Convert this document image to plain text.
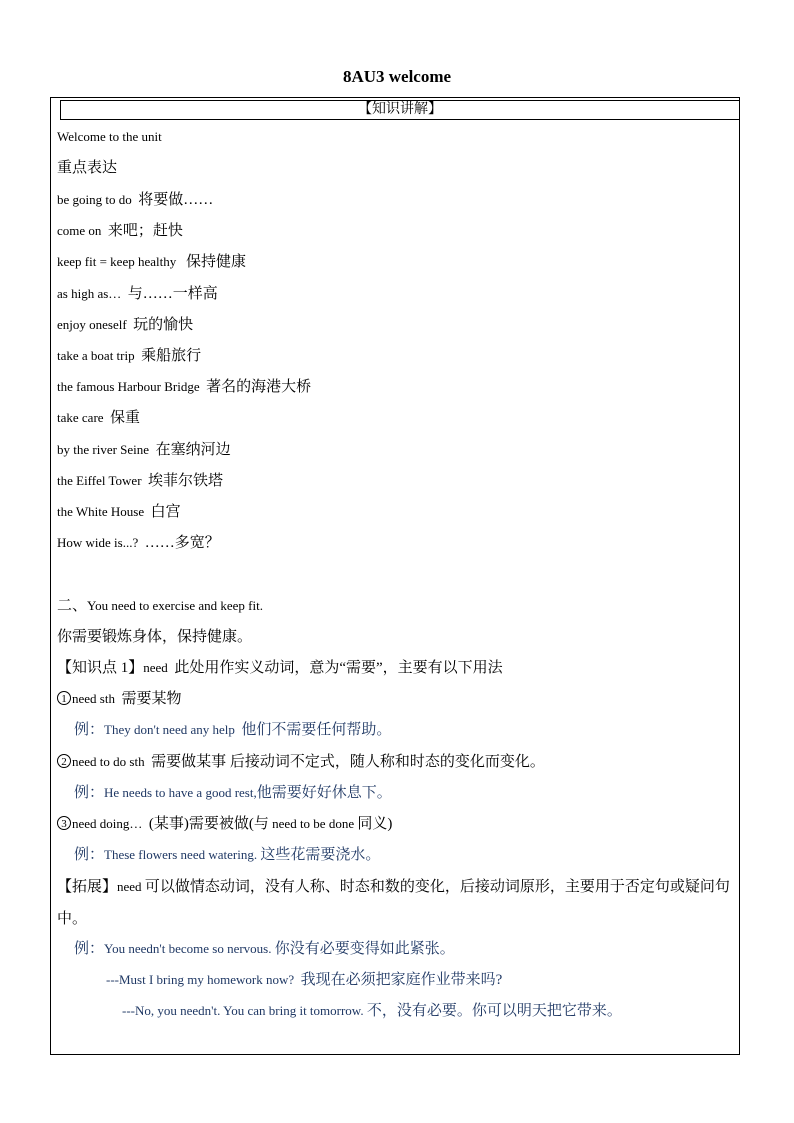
8AU3 welcome
【知识讲解】
Welcome to the unit
重点表达
be going to do 将要做……
come on 来吧；赶快
keep fit = keep healthy 保持健康
as high as… 与……一样高
enjoy oneself 玩的愉快
take a boat trip 乘船旅行
the famous Harbour Bridge 著名的海港大桥
take care 保重
by the river Seine 在塞纳河边
the Eiffel Tower 埃菲尔铁塔
the White House 白宫
How wide is...? ……多宽？
二、You need to exercise and keep fit.
你需要锻炼身体，保持健康。
【知识点 1】need 此处用作实义动词，意为“需要”，主要有以下用法
1 need sth 需要某物
例：They don't need any help 他们不需要任何帮助。
2 need to do sth 需要做某事 后接动词不定式，随人称和时态的变化而变化。
例：He needs to have a good rest,他需要好好休息下。
3 need doing… (某事)需要被做(与 need to be done 同义)
例：These flowers need watering. 这些花需要浇水。
【拓展】need 可以做情态动词，没有人称、时态和数的变化，后接动词原形，主要用于否定句或疑问句中。
例：You needn't become so nervous. 你没有必要变得如此紧张。
---Must I bring my homework now? 我现在必须把家庭作业带来吗?
---No, you needn't. You can bring it tomorrow. 不，没有必要。你可以明天把它带来。
